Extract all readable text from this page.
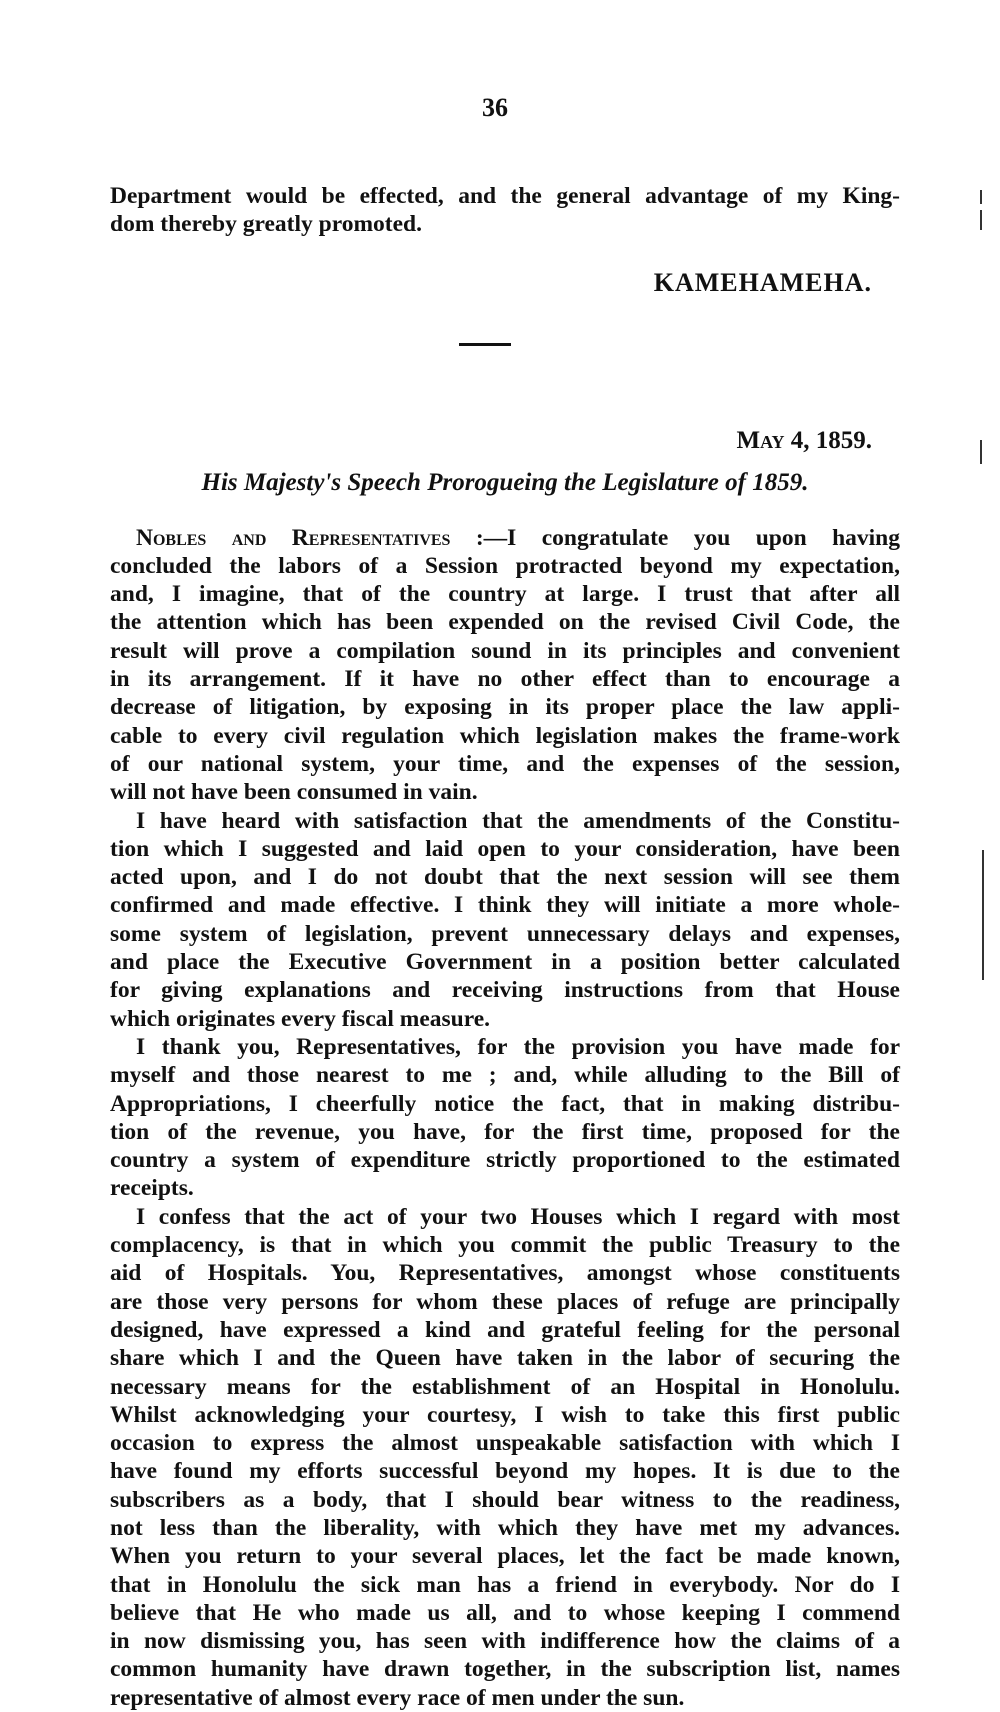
36
Department would be effected, and the general advantage of my King-
dom thereby greatly promoted.
KAMEHAMEHA.
May 4, 1859.
His Majesty's Speech Prorogueing the Legislature of 1859.
Nobles and Representatives :—I congratulate you upon having
concluded the labors of a Session protracted beyond my expectation,
and, I imagine, that of the country at large. I trust that after all
the attention which has been expended on the revised Civil Code, the
result will prove a compilation sound in its principles and convenient
in its arrangement. If it have no other effect than to encourage a
decrease of litigation, by exposing in its proper place the law appli-
cable to every civil regulation which legislation makes the frame-work
of our national system, your time, and the expenses of the session,
will not have been consumed in vain.
I have heard with satisfaction that the amendments of the Constitu-
tion which I suggested and laid open to your consideration, have been
acted upon, and I do not doubt that the next session will see them
confirmed and made effective. I think they will initiate a more whole-
some system of legislation, prevent unnecessary delays and expenses,
and place the Executive Government in a position better calculated
for giving explanations and receiving instructions from that House
which originates every fiscal measure.
I thank you, Representatives, for the provision you have made for
myself and those nearest to me ; and, while alluding to the Bill of
Appropriations, I cheerfully notice the fact, that in making distribu-
tion of the revenue, you have, for the first time, proposed for the
country a system of expenditure strictly proportioned to the estimated
receipts.
I confess that the act of your two Houses which I regard with most
complacency, is that in which you commit the public Treasury to the
aid of Hospitals. You, Representatives, amongst whose constituents
are those very persons for whom these places of refuge are principally
designed, have expressed a kind and grateful feeling for the personal
share which I and the Queen have taken in the labor of securing the
necessary means for the establishment of an Hospital in Honolulu.
Whilst acknowledging your courtesy, I wish to take this first public
occasion to express the almost unspeakable satisfaction with which I
have found my efforts successful beyond my hopes. It is due to the
subscribers as a body, that I should bear witness to the readiness,
not less than the liberality, with which they have met my advances.
When you return to your several places, let the fact be made known,
that in Honolulu the sick man has a friend in everybody. Nor do I
believe that He who made us all, and to whose keeping I commend
in now dismissing you, has seen with indifference how the claims of a
common humanity have drawn together, in the subscription list, names
representative of almost every race of men under the sun.
